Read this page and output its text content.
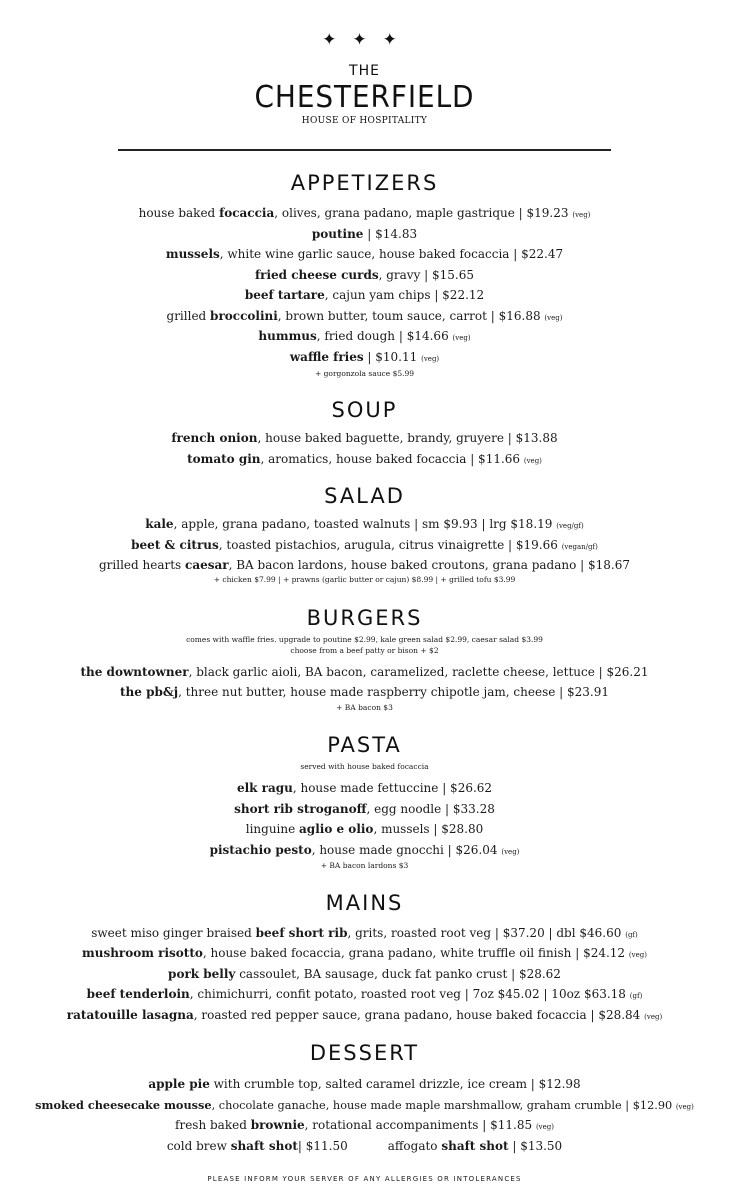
✦ ✦ ✦
THE
CHESTERFIELD
HOUSE OF HOSPITALITY
APPETIZERS
house baked focaccia, olives, grana padano, maple gastrique | $19.23 (veg)
poutine | $14.83
mussels, white wine garlic sauce, house baked focaccia | $22.47
fried cheese curds, gravy | $15.65
beef tartare, cajun yam chips | $22.12
grilled broccolini, brown butter, toum sauce, carrot | $16.88 (veg)
hummus, fried dough | $14.66 (veg)
waffle fries | $10.11 (veg)
+ gorgonzola sauce $5.99
SOUP
french onion, house baked baguette, brandy, gruyere | $13.88
tomato gin, aromatics, house baked focaccia | $11.66 (veg)
SALAD
kale, apple, grana padano, toasted walnuts | sm $9.93 | lrg $18.19 (veg/gf)
beet & citrus, toasted pistachios, arugula, citrus vinaigrette | $19.66 (vegan/gf)
grilled hearts caesar, BA bacon lardons, house baked croutons, grana padano | $18.67
+ chicken $7.99 | + prawns (garlic butter or cajun) $8.99 | + grilled tofu $3.99
BURGERS
comes with waffle fries. upgrade to poutine $2.99, kale green salad $2.99, caesar salad $3.99
choose from a beef patty or bison + $2
the downtowner, black garlic aioli, BA bacon, caramelized, raclette cheese, lettuce | $26.21
the pb&j, three nut butter, house made raspberry chipotle jam, cheese | $23.91
+ BA bacon $3
PASTA
served with house baked focaccia
elk ragu, house made fettuccine | $26.62
short rib stroganoff, egg noodle | $33.28
linguine aglio e olio, mussels | $28.80
pistachio pesto, house made gnocchi | $26.04 (veg)
+ BA bacon lardons $3
MAINS
sweet miso ginger braised beef short rib, grits, roasted root veg | $37.20 | dbl $46.60 (gf)
mushroom risotto, house baked focaccia, grana padano, white truffle oil finish | $24.12 (veg)
pork belly cassoulet, BA sausage, duck fat panko crust | $28.62
beef tenderloin, chimichurri, confit potato, roasted root veg | 7oz $45.02 | 10oz $63.18 (gf)
ratatouille lasagna, roasted red pepper sauce, grana padano, house baked focaccia | $28.84 (veg)
DESSERT
apple pie with crumble top, salted caramel drizzle, ice cream | $12.98
smoked cheesecake mousse, chocolate ganache, house made maple marshmallow, graham crumble | $12.90 (veg)
fresh baked brownie, rotational accompaniments | $11.85 (veg)
cold brew shaft shot| $11.50	affogato shaft shot | $13.50
PLEASE INFORM YOUR SERVER OF ANY ALLERGIES OR INTOLERANCES
